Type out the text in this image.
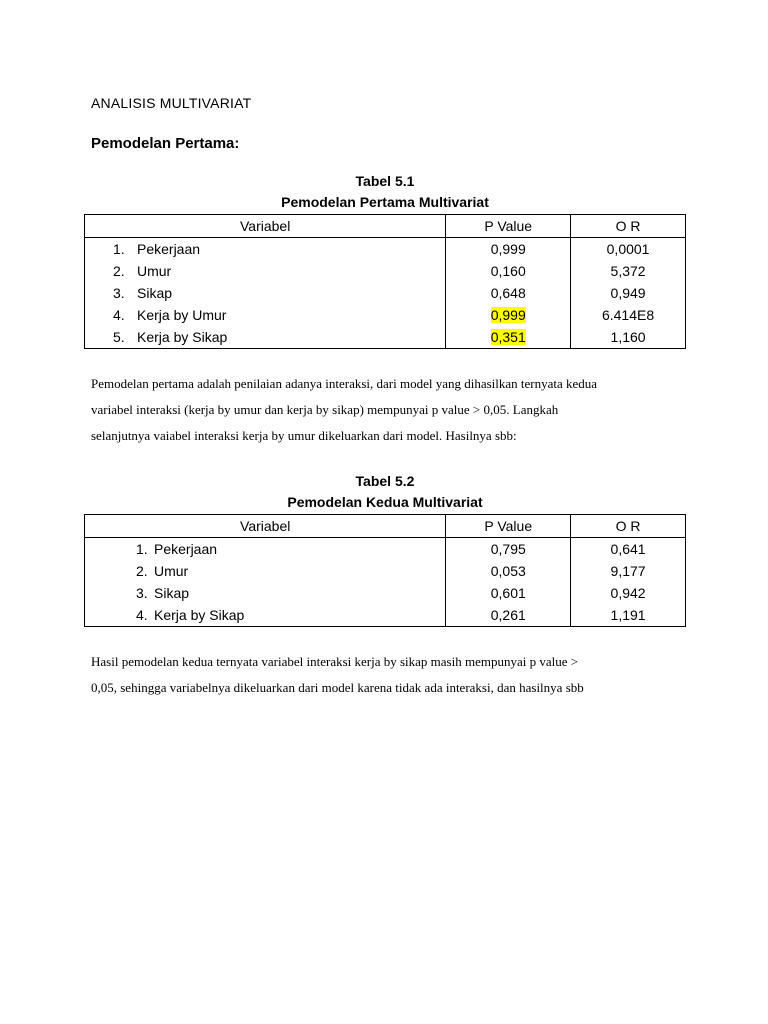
ANALISIS MULTIVARIAT
Pemodelan Pertama:
Tabel 5.1
Pemodelan Pertama Multivariat
Variabel	P Value	O R
1. Pekerjaan	0,999	0,0001
2. Umur	0,160	5,372
3. Sikap	0,648	0,949
4. Kerja by Umur	0,999	6.414E8
5. Kerja by Sikap	0,351	1,160
Pemodelan pertama adalah penilaian adanya interaksi, dari model yang dihasilkan ternyata kedua
variabel interaksi (kerja by umur dan kerja by sikap) mempunyai p value > 0,05. Langkah
selanjutnya vaiabel interaksi kerja by umur dikeluarkan dari model. Hasilnya sbb:
Tabel 5.2
Pemodelan Kedua Multivariat
Variabel	P Value	O R
1. Pekerjaan	0,795	0,641
2. Umur	0,053	9,177
3. Sikap	0,601	0,942
4. Kerja by Sikap	0,261	1,191
Hasil pemodelan kedua ternyata variabel interaksi kerja by sikap masih mempunyai p value >
0,05, sehingga variabelnya dikeluarkan dari model karena tidak ada interaksi, dan hasilnya sbb
